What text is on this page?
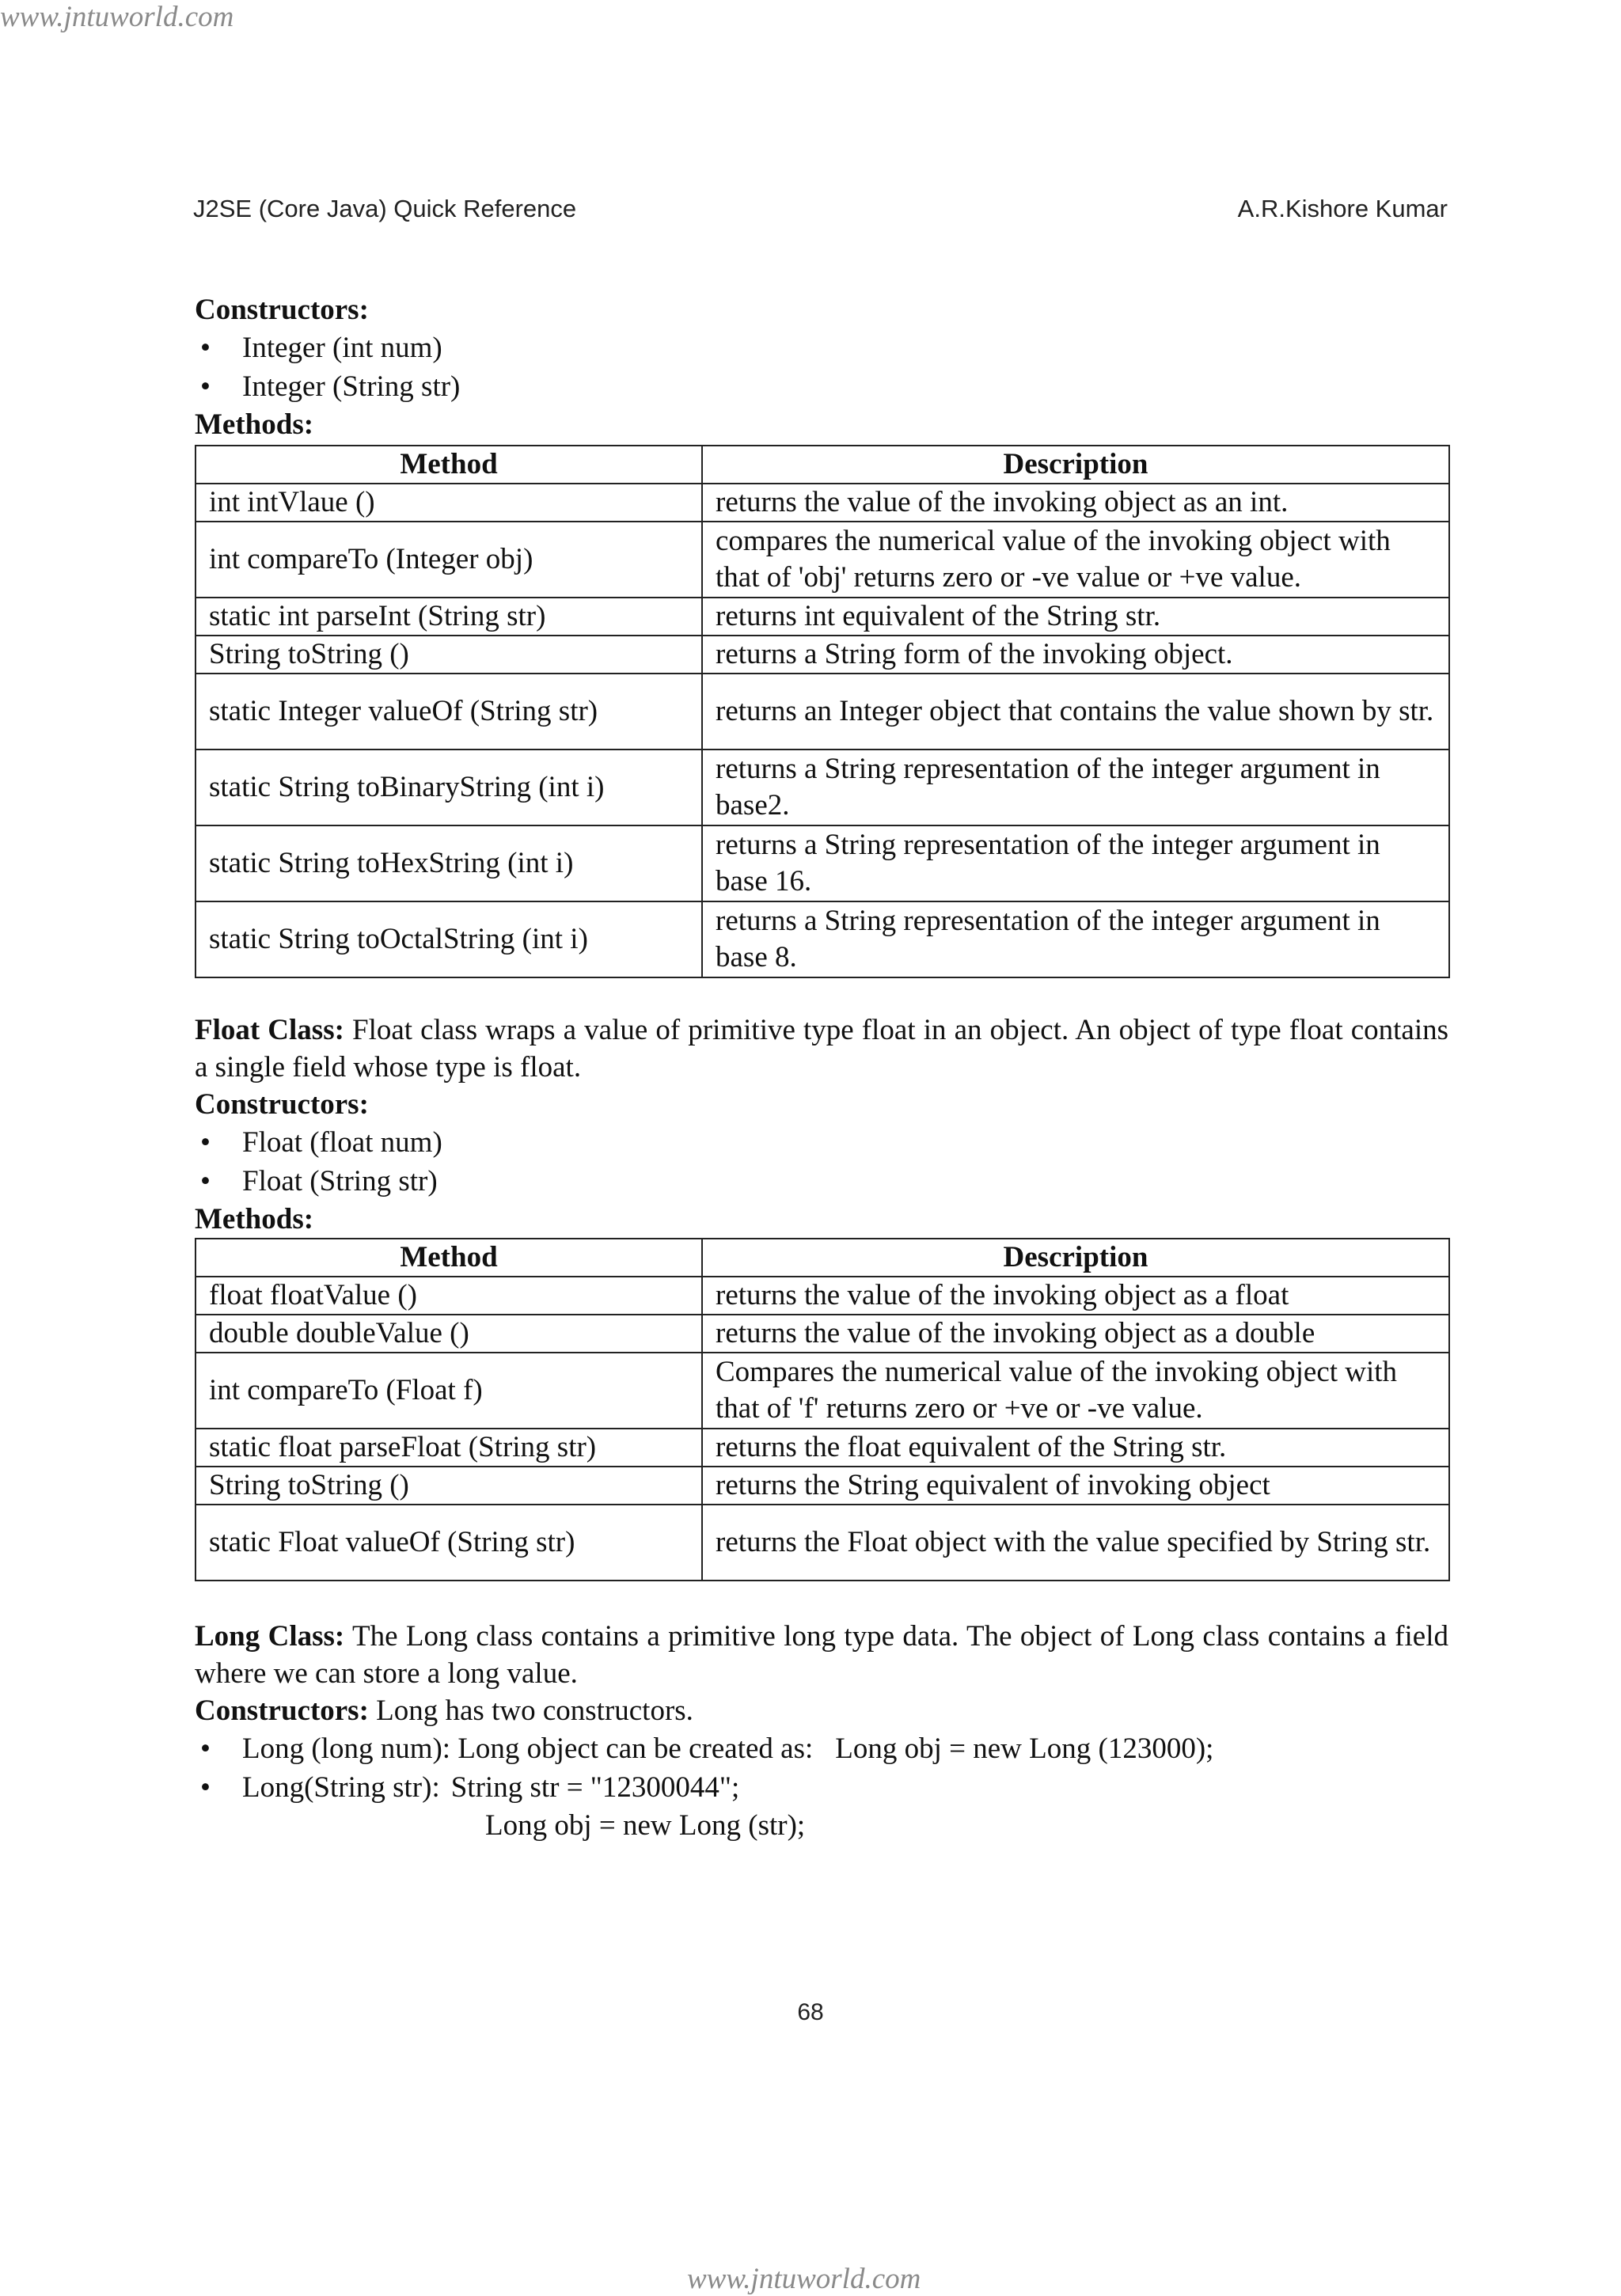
www.jntuworld.com
J2SE (Core Java) Quick Reference	A.R.Kishore Kumar
Constructors:
• Integer (int num)
• Integer (String str)
Methods:
Method	Description
int intVlaue ()	returns the value of the invoking object as an int.
int compareTo (Integer obj)	compares the numerical value of the invoking object with that of 'obj' returns zero or -ve value or +ve value.
static int parseInt (String str)	returns int equivalent of the String str.
String toString ()	returns a String form of the invoking object.
static Integer valueOf (String str)	returns an Integer object that contains the value shown by str.
static String toBinaryString (int i)	returns a String representation of the integer argument in base2.
static String toHexString (int i)	returns a String representation of the integer argument in base 16.
static String toOctalString (int i)	returns a String representation of the integer argument in base 8.
Float Class: Float class wraps a value of primitive type float in an object. An object of type float contains a single field whose type is float.
Constructors:
• Float (float num)
• Float (String str)
Methods:
Method	Description
float floatValue ()	returns the value of the invoking object as a float
double doubleValue ()	returns the value of the invoking object as a double
int compareTo (Float f)	Compares the numerical value of the invoking object with that of 'f' returns zero or +ve or -ve value.
static float parseFloat (String str)	returns the float equivalent of the String str.
String toString ()	returns the String equivalent of invoking object
static Float valueOf (String str)	returns the Float object with the value specified by String str.
Long Class: The Long class contains a primitive long type data. The object of Long class contains a field where we can store a long value.
Constructors: Long has two constructors.
• Long (long num): Long object can be created as: Long obj = new Long (123000);
• Long(String str): String str = "12300044";
Long obj = new Long (str);
68
www.jntuworld.com
